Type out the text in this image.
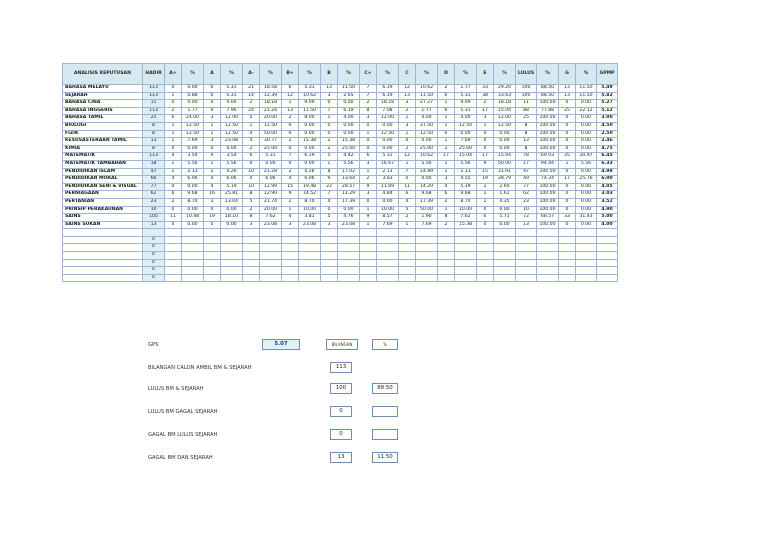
ANALISIS KEPUTUSAN	HADIR	A+	%	A	%	A-	%	B+	%	B	%	C+	%	C	%	D	%	E	%	LULUS	%	G	%	GPMP
BAHASA MELAYU	113	0	0.00	6	5.31	21	18.58	6	5.31	13	11.50	7	6.19	12	10.62	2	1.77	33	29.20	100	88.50	13	11.50	5.49
SEJARAH	113	1	0.88	6	5.31	14	12.39	12	10.62	3	2.65	7	6.19	13	11.50	6	5.31	38	33.63	100	88.50	13	11.50	5.82
BAHASA CINA	11	0	0.00	0	0.00	2	18.18	1	9.09	0	0.00	2	18.18	3	27.27	1	9.09	2	18.18	11	100.00	0	0.00	5.27
BAHASA INGGERIS	113	2	1.77	9	7.96	24	21.24	13	11.50	7	6.19	8	7.08	2	1.77	6	5.31	17	15.04	88	77.88	25	22.12	5.12
BAHASA TAMIL	25	6	24.00	3	12.00	5	20.00	2	8.00	1	4.00	3	12.00	1	4.00	1	4.00	3	12.00	25	100.00	0	0.00	3.00
BIOLOGI	8	1	12.50	1	12.50	1	12.50	0	0.00	0	0.00	0	0.00	3	37.50	1	12.50	1	12.50	8	100.00	0	0.00	4.50
FIZIK	8	1	12.50	1	12.50	4	50.00	0	0.00	0	0.00	1	12.50	1	12.50	0	0.00	0	0.00	8	100.00	0	0.00	2.50
KESUSASTERAAN TAMIL	13	1	7.69	3	23.08	4	30.77	2	15.38	2	15.38	0	0.00	0	0.00	1	7.69	0	0.00	13	100.00	0	0.00	2.46
KIMIA	8	0	0.00	0	0.00	2	25.00	0	0.00	2	25.00	0	0.00	2	25.00	2	25.00	0	0.00	8	100.00	0	0.00	4.75
MATEMATIK	113	4	3.54	4	3.54	6	5.31	7	6.19	5	4.42	6	5.31	12	10.62	17	15.04	17	15.04	78	69.03	35	30.97	6.45
MATEMATIK TAMBAHAN	18	1	5.56	1	5.56	0	0.00	0	0.00	1	5.56	3	16.67	1	5.56	1	5.56	9	50.00	17	94.44	1	5.56	6.33
PENDIDIKAN ISLAM	47	1	2.13	2	4.26	10	21.28	2	4.26	8	17.02	1	2.13	7	14.89	1	2.13	15	31.91	47	100.00	0	0.00	4.98
PENDIDIKAN MORAL	66	4	6.06	4	6.06	4	6.06	4	6.06	9	13.64	2	3.03	0	0.00	3	4.55	19	28.79	49	74.24	17	25.76	6.00
PENDIDIKAN SENI & VISUAL	77	0	0.00	4	5.19	10	12.99	15	19.48	22	28.57	9	11.69	11	14.29	4	5.19	2	2.60	77	100.00	0	0.00	4.05
PERNIAGAAN	62	6	9.68	16	25.81	8	12.90	9	14.52	7	11.29	3	4.84	6	9.68	6	9.68	1	1.61	62	100.00	0	0.00	3.03
PERTANIAN	23	2	8.70	3	13.04	5	21.74	2	8.70	4	17.39	0	0.00	4	17.39	2	8.70	1	4.35	23	100.00	0	0.00	3.52
PRINSIP PERAKAUNAN	10	0	0.00	0	0.00	2	20.00	1	10.00	0	0.00	1	10.00	5	50.00	1	10.00	0	0.00	10	100.00	0	0.00	4.90
SAINS	105	11	10.48	19	18.10	8	7.62	4	3.81	5	4.76	9	8.57	2	1.90	8	7.62	6	5.71	72	68.57	33	31.43	5.00
SAINS SUKAN	13	0	0.00	0	0.00	3	23.08	3	23.08	3	23.08	1	7.69	1	7.69	2	15.38	0	0.00	13	100.00	0	0.00	4.00

	0																							
	0																							
	0																							
	0																							
	0																							
	0																							
GPS	5.07	BILANGAN	%
BILANGAN CALON AMBIL BM & SEJARAH	113
LULUS BM & SEJARAH	100	88.50
LULUS BM GAGAL SEJARAH	0
GAGAL BM LULUS SEJARAH	0
GAGAL BM DAN SEJARAH	13	11.50
